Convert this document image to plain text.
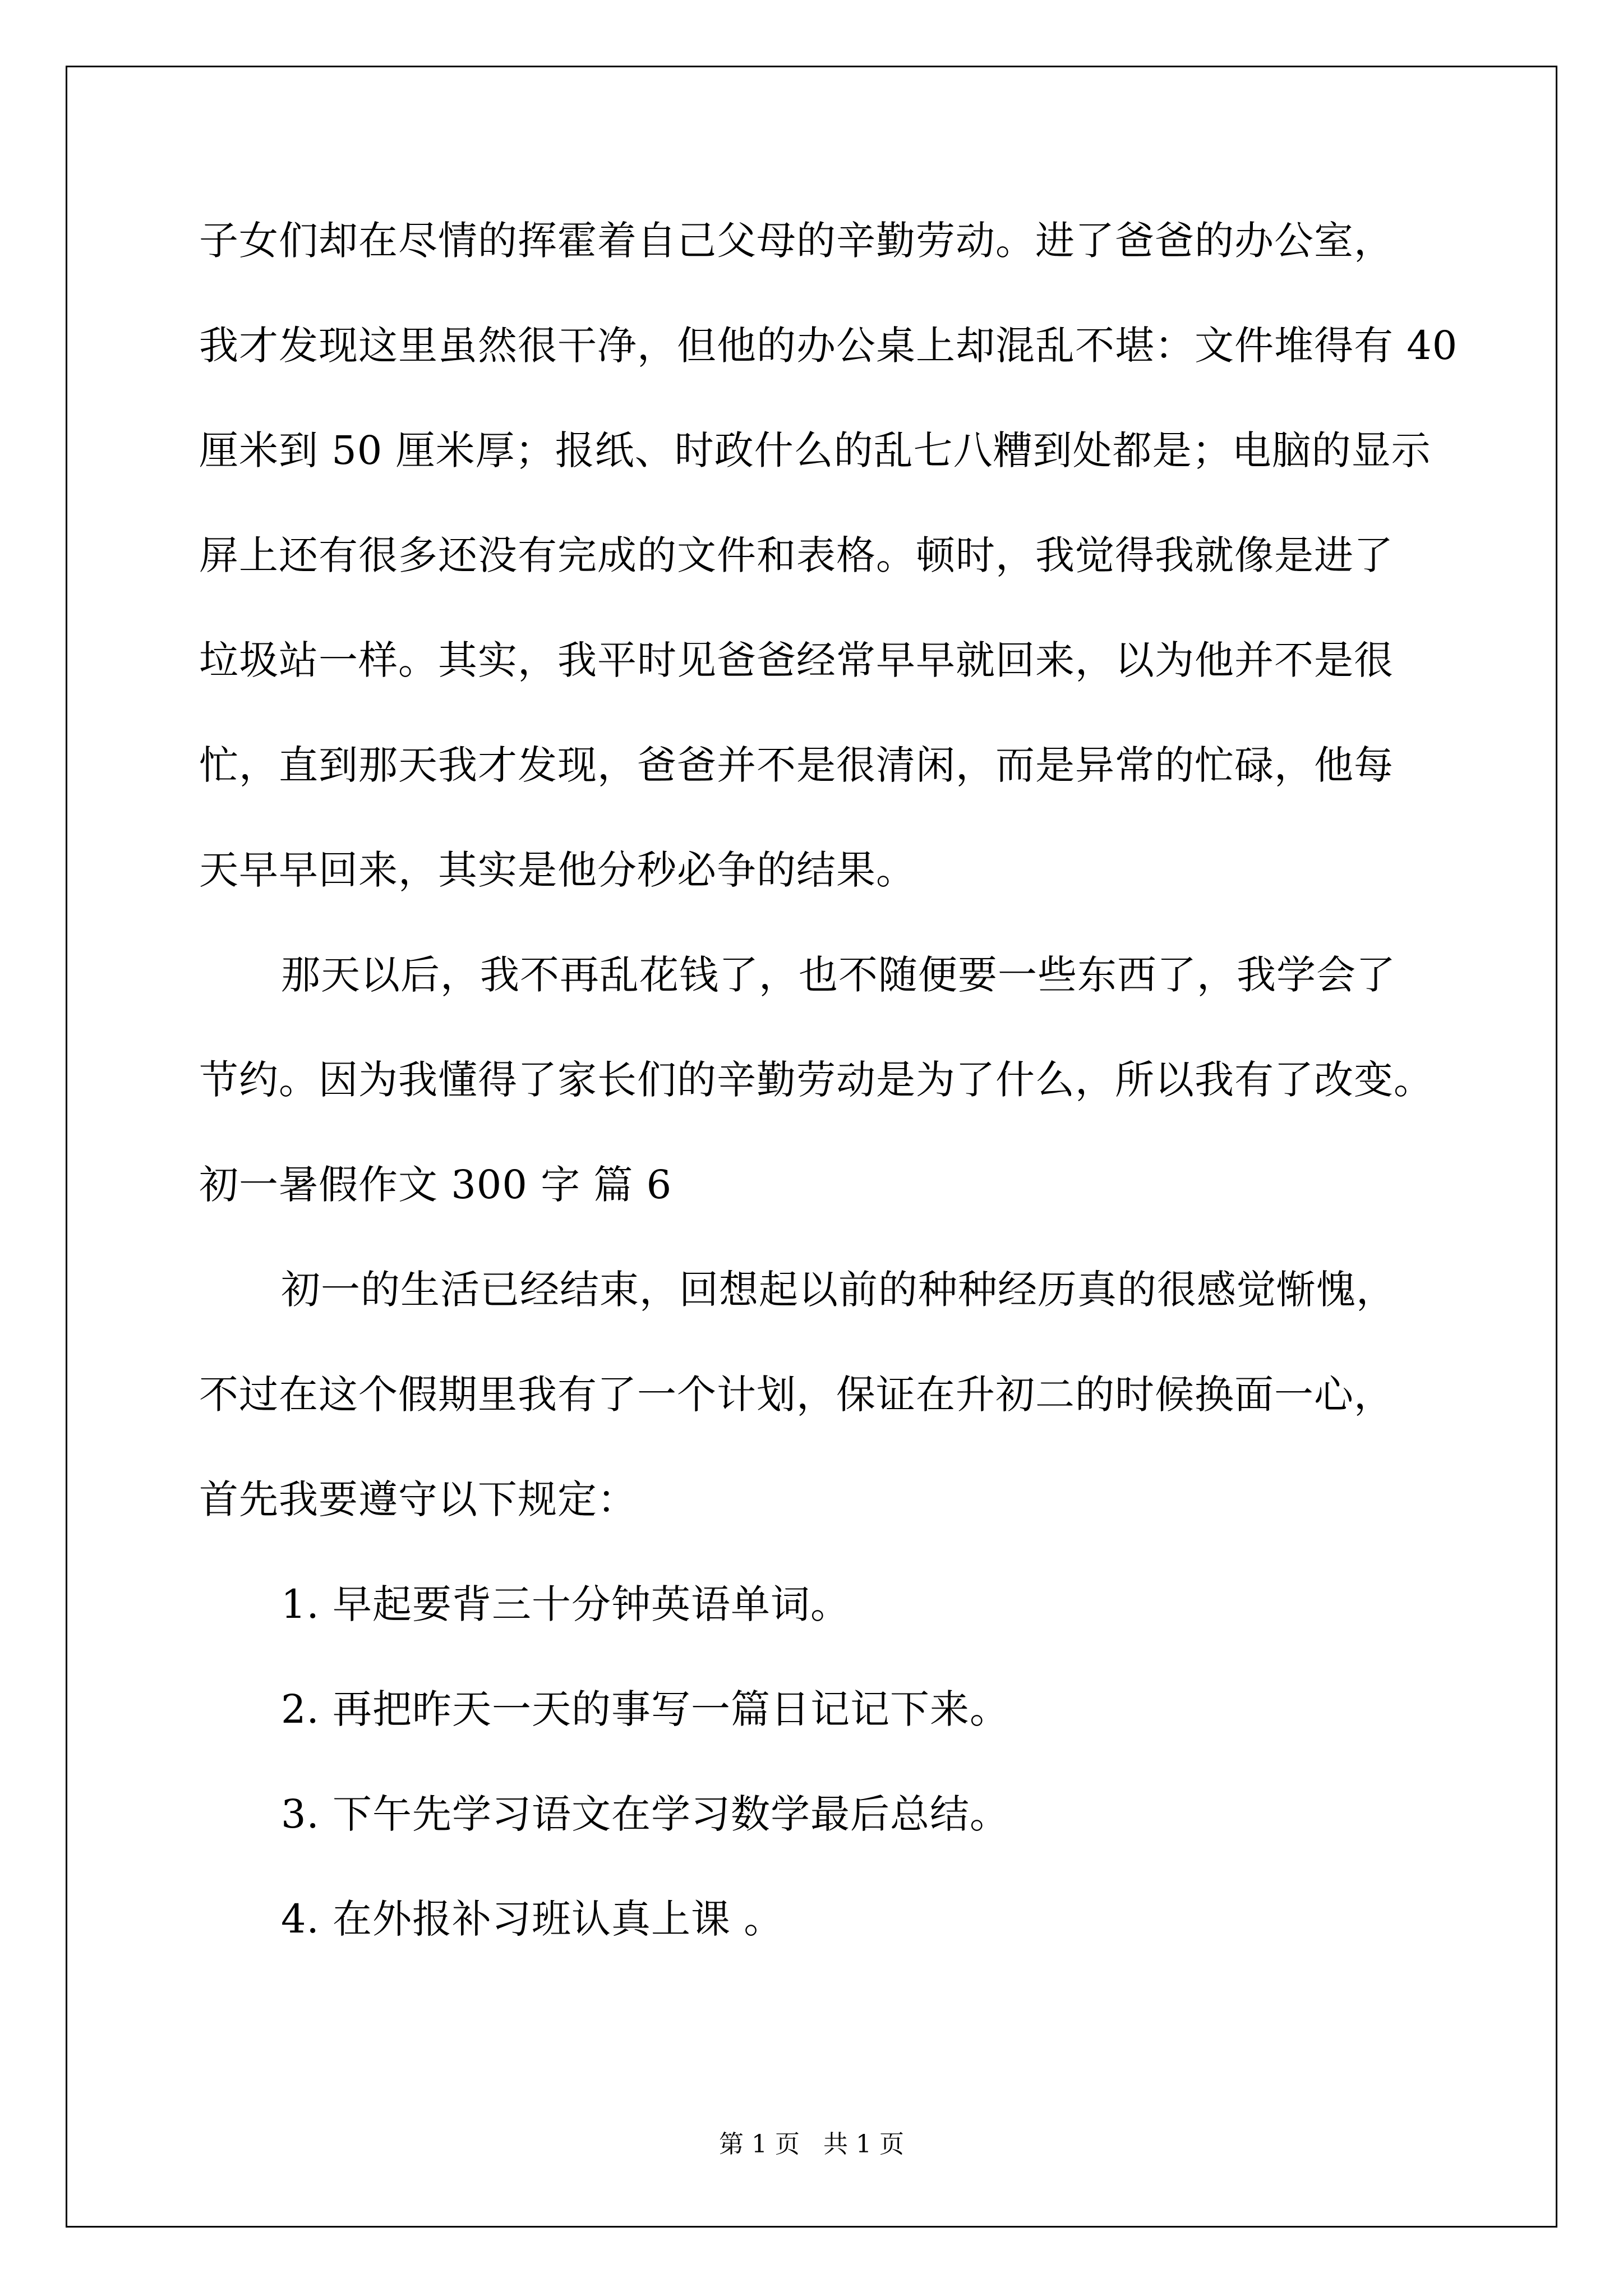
子女们却在尽情的挥霍着自己父母的辛勤劳动。进了爸爸的办公室，
我才发现这里虽然很干净，但他的办公桌上却混乱不堪：文件堆得有 40
厘米到 50 厘米厚；报纸、时政什么的乱七八糟到处都是；电脑的显示
屏上还有很多还没有完成的文件和表格。顿时，我觉得我就像是进了
垃圾站一样。其实，我平时见爸爸经常早早就回来，以为他并不是很
忙，直到那天我才发现，爸爸并不是很清闲，而是异常的忙碌，他每
天早早回来，其实是他分秒必争的结果。
那天以后，我不再乱花钱了，也不随便要一些东西了，我学会了
节约。因为我懂得了家长们的辛勤劳动是为了什么，所以我有了改变。
初一暑假作文 300 字 篇 6
初一的生活已经结束，回想起以前的种种经历真的很感觉惭愧，
不过在这个假期里我有了一个计划，保证在升初二的时候换面一心，
首先我要遵守以下规定：
1. 早起要背三十分钟英语单词。
2. 再把昨天一天的事写一篇日记记下来。
3. 下午先学习语文在学习数学最后总结。
4. 在外报补习班认真上课 。
第 1 页   共 1 页
